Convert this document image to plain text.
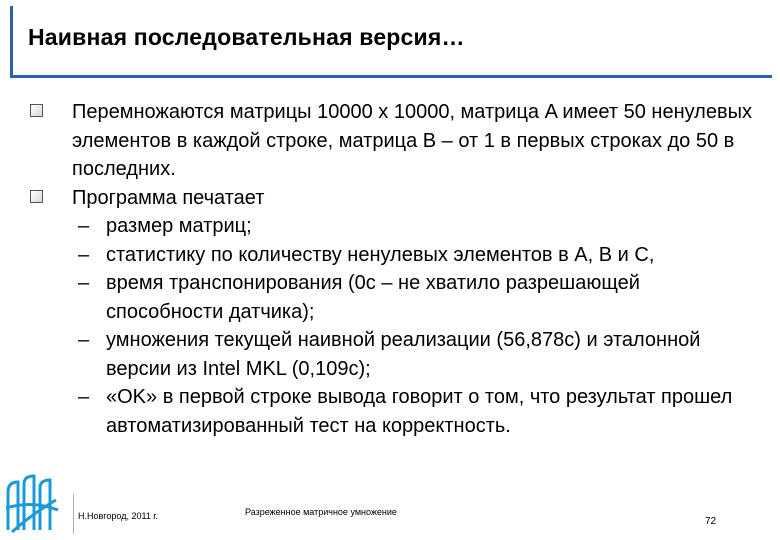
Наивная последовательная версия…
Перемножаются матрицы 10000 x 10000, матрица A имеет 50 ненулевых элементов в каждой строке, матрица B – от 1 в первых строках до 50 в последних.
Программа печатает
– размер матриц;
– статистику по количеству ненулевых элементов в A, B и C,
– время транспонирования (0с – не хватило разрешающей способности датчика);
– умножения текущей наивной реализации (56,878с) и эталонной версии из Intel MKL (0,109с);
– «OK» в первой строке вывода говорит о том, что результат прошел автоматизированный тест на корректность.
Н.Новгород, 2011 г.	Разреженное матричное умножение
72
